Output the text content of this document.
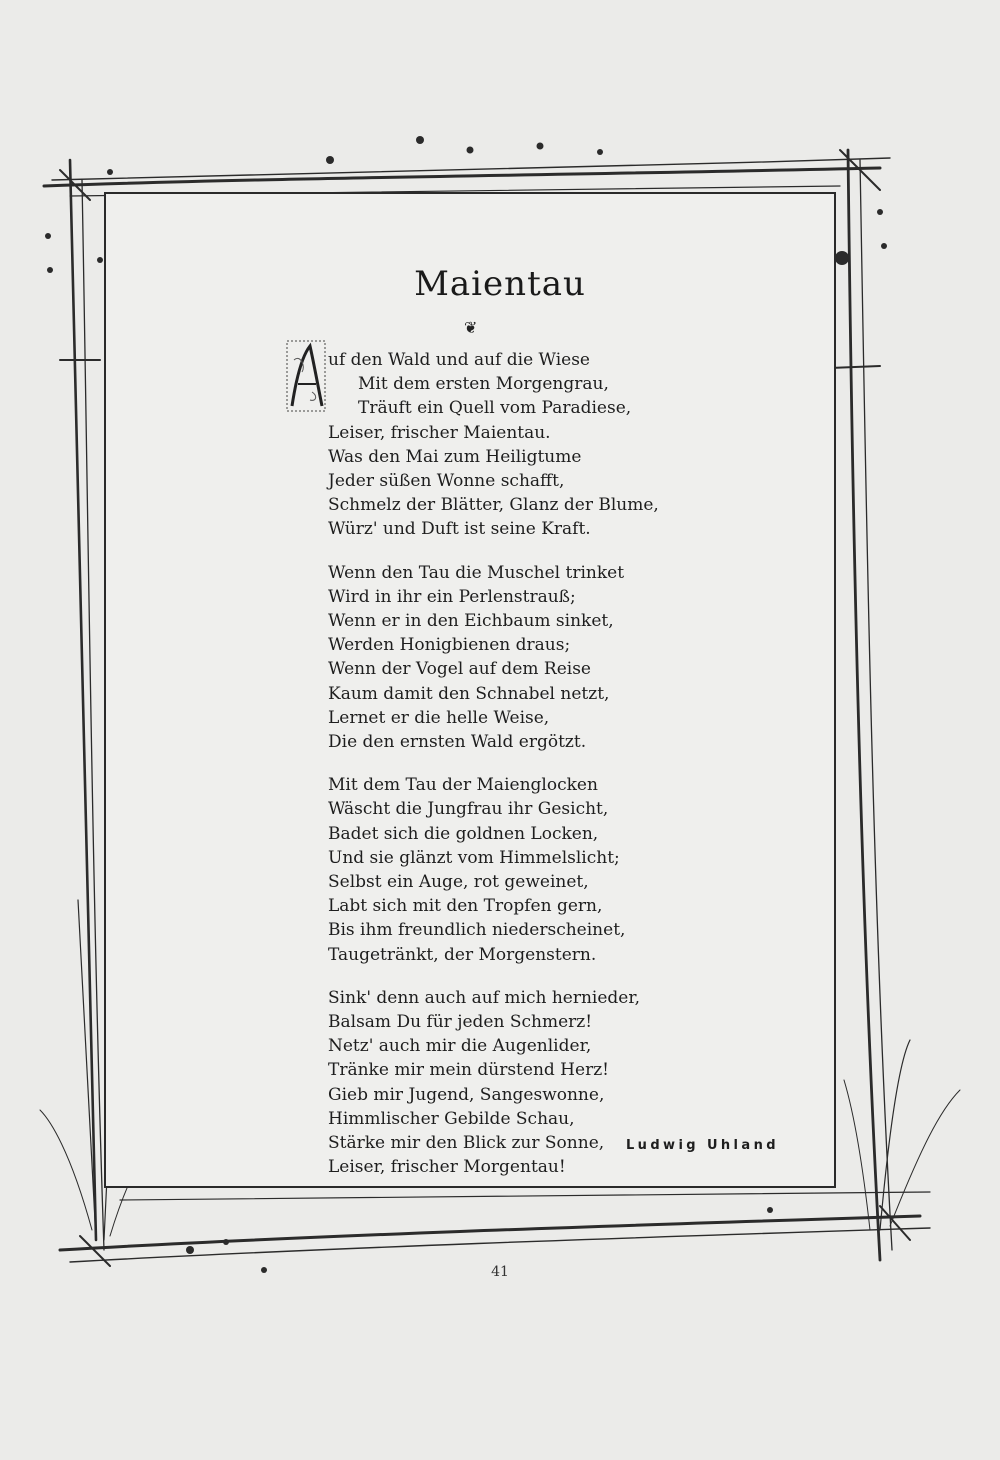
Maientau
❦
uf den Wald und auf die Wiese
Mit dem ersten Morgengrau,
Träuft ein Quell vom Paradiese,
Leiser, frischer Maientau.
Was den Mai zum Heiligtume
Jeder süßen Wonne schafft,
Schmelz der Blätter, Glanz der Blume,
Würz' und Duft ist seine Kraft.
Wenn den Tau die Muschel trinket
Wird in ihr ein Perlenstrauß;
Wenn er in den Eichbaum sinket,
Werden Honigbienen draus;
Wenn der Vogel auf dem Reise
Kaum damit den Schnabel netzt,
Lernet er die helle Weise,
Die den ernsten Wald ergötzt.
Mit dem Tau der Maienglocken
Wäscht die Jungfrau ihr Gesicht,
Badet sich die goldnen Locken,
Und sie glänzt vom Himmelslicht;
Selbst ein Auge, rot geweinet,
Labt sich mit den Tropfen gern,
Bis ihm freundlich niederscheinet,
Taugetränkt, der Morgenstern.
Sink' denn auch auf mich hernieder,
Balsam Du für jeden Schmerz!
Netz' auch mir die Augenlider,
Tränke mir mein dürstend Herz!
Gieb mir Jugend, Sangeswonne,
Himmlischer Gebilde Schau,
Stärke mir den Blick zur Sonne,
Leiser, frischer Morgentau!
Ludwig Uhland
41
